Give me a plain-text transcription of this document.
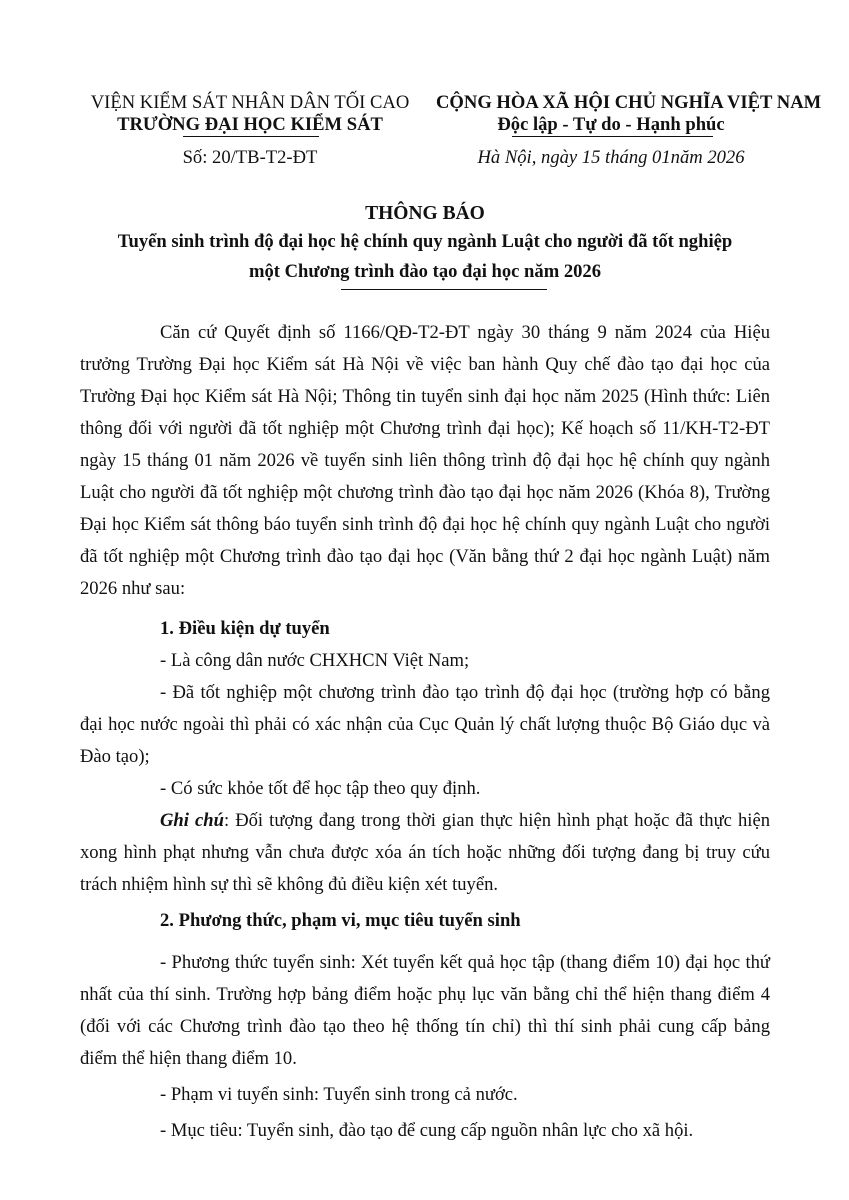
VIỆN KIỂM SÁT NHÂN DÂN TỐI CAO
TRƯỜNG ĐẠI HỌC KIỂM SÁT
Số: 20/TB-T2-ĐT
CỘNG HÒA XÃ HỘI CHỦ NGHĨA VIỆT NAM
Độc lập - Tự do - Hạnh phúc
Hà Nội, ngày 15 tháng 01năm 2026
THÔNG BÁO
Tuyển sinh trình độ đại học hệ chính quy ngành Luật cho người đã tốt nghiệp
một Chương trình đào tạo đại học năm 2026

Căn cứ Quyết định số 1166/QĐ-T2-ĐT ngày 30 tháng 9 năm 2024 của Hiệu trưởng Trường Đại học Kiểm sát Hà Nội về việc ban hành Quy chế đào tạo đại học của Trường Đại học Kiểm sát Hà Nội; Thông tin tuyển sinh đại học năm 2025 (Hình thức: Liên thông đối với người đã tốt nghiệp một Chương trình đại học); Kế hoạch số 11/KH-T2-ĐT ngày 15 tháng 01 năm 2026 về tuyển sinh liên thông trình độ đại học hệ chính quy ngành Luật cho người đã tốt nghiệp một chương trình đào tạo đại học năm 2026 (Khóa 8), Trường Đại học Kiểm sát thông báo tuyển sinh trình độ đại học hệ chính quy ngành Luật cho người đã tốt nghiệp một Chương trình đào tạo đại học (Văn bằng thứ 2 đại học ngành Luật) năm 2026 như sau:

1. Điều kiện dự tuyển

- Là công dân nước CHXHCN Việt Nam;

- Đã tốt nghiệp một chương trình đào tạo trình độ đại học (trường hợp có bằng đại học nước ngoài thì phải có xác nhận của Cục Quản lý chất lượng thuộc Bộ Giáo dục và Đào tạo);

- Có sức khỏe tốt để học tập theo quy định.

Ghi chú: Đối tượng đang trong thời gian thực hiện hình phạt hoặc đã thực hiện xong hình phạt nhưng vẫn chưa được xóa án tích hoặc những đối tượng đang bị truy cứu trách nhiệm hình sự thì sẽ không đủ điều kiện xét tuyển.

2. Phương thức, phạm vi, mục tiêu tuyển sinh

- Phương thức tuyển sinh: Xét tuyển kết quả học tập (thang điểm 10) đại học thứ nhất của thí sinh. Trường hợp bảng điểm hoặc phụ lục văn bằng chỉ thể hiện thang điểm 4 (đối với các Chương trình đào tạo theo hệ thống tín chỉ) thì thí sinh phải cung cấp bảng điểm thể hiện thang điểm 10.

- Phạm vi tuyển sinh: Tuyển sinh trong cả nước.

- Mục tiêu: Tuyển sinh, đào tạo để cung cấp nguồn nhân lực cho xã hội.
